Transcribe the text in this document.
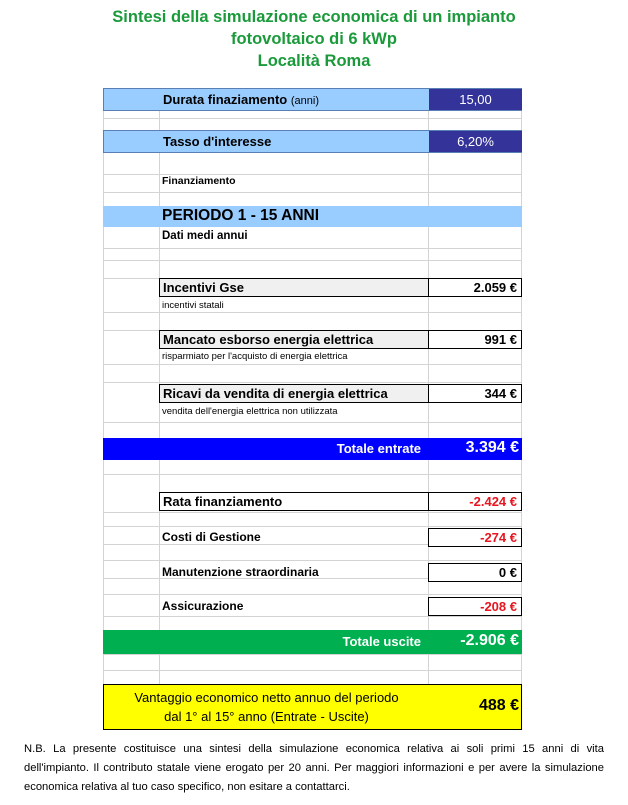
Sintesi della simulazione economica di un impianto
fotovoltaico di 6 kWp
Località Roma
Durata finaziamento (anni)	15,00
Tasso d'interesse	6,20%
Finanziamento
PERIODO 1 - 15 ANNI
Dati medi annui
Incentivi Gse	2.059 €
incentivi statali
Mancato esborso energia elettrica	991 €
risparmiato per l'acquisto di energia elettrica
Ricavi da vendita di energia elettrica	344 €
vendita dell'energia elettrica non utilizzata
Totale entrate	3.394 €
Rata finanziamento	-2.424 €
Costi di Gestione	-274 €
Manutenzione straordinaria	0 €
Assicurazione	-208 €
Totale uscite	-2.906 €
Vantaggio economico netto annuo del periodo
dal 1° al 15° anno (Entrate - Uscite)
488 €
N.B. La presente costituisce una sintesi della simulazione economica relativa ai soli primi 15 anni di vita dell'impianto. Il contributo statale viene erogato per 20 anni. Per maggiori informazioni e per avere la simulazione economica relativa al tuo caso specifico, non esitare a contattarci.
